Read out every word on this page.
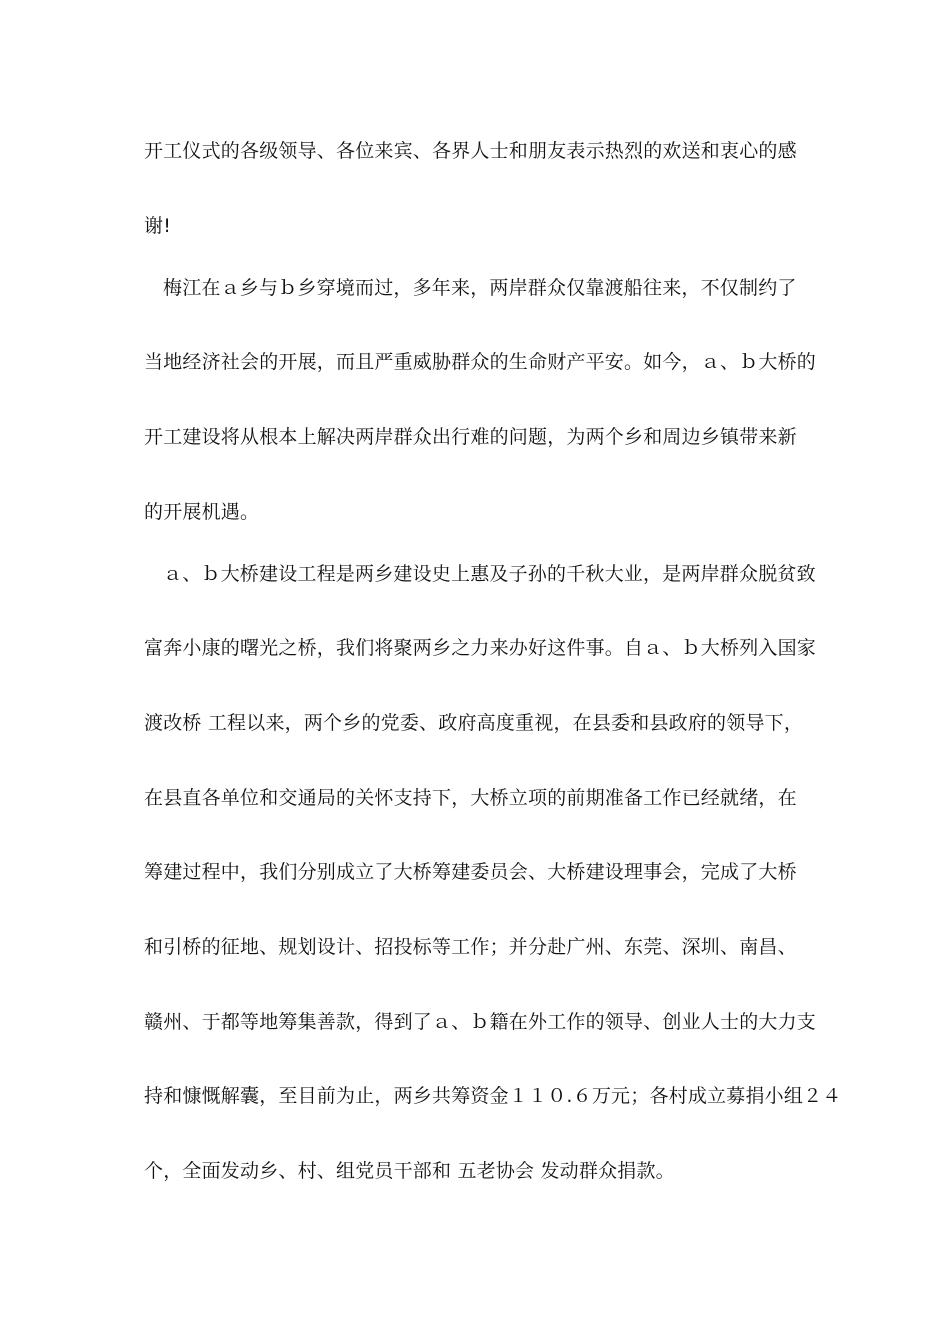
开工仪式的各级领导、各位来宾、各界人士和朋友表示热烈的欢送和衷心的感
谢!
梅江在ａ乡与ｂ乡穿境而过，多年来，两岸群众仅靠渡船往来，不仅制约了
当地经济社会的开展，而且严重威胁群众的生命财产平安。如今，ａ、ｂ大桥的
开工建设将从根本上解决两岸群众出行难的问题，为两个乡和周边乡镇带来新
的开展机遇。
ａ、ｂ大桥建设工程是两乡建设史上惠及子孙的千秋大业，是两岸群众脱贫致
富奔小康的曙光之桥，我们将聚两乡之力来办好这件事。自ａ、ｂ大桥列入国家
渡改桥 工程以来，两个乡的党委、政府高度重视，在县委和县政府的领导下，
在县直各单位和交通局的关怀支持下，大桥立项的前期准备工作已经就绪，在
筹建过程中，我们分别成立了大桥筹建委员会、大桥建设理事会，完成了大桥
和引桥的征地、规划设计、招投标等工作；并分赴广州、东莞、深圳、南昌、
赣州、于都等地筹集善款，得到了ａ、ｂ籍在外工作的领导、创业人士的大力支
持和慷慨解囊，至目前为止，两乡共筹资金１１０.６万元；各村成立募捐小组２４
个，全面发动乡、村、组党员干部和 五老协会 发动群众捐款。
